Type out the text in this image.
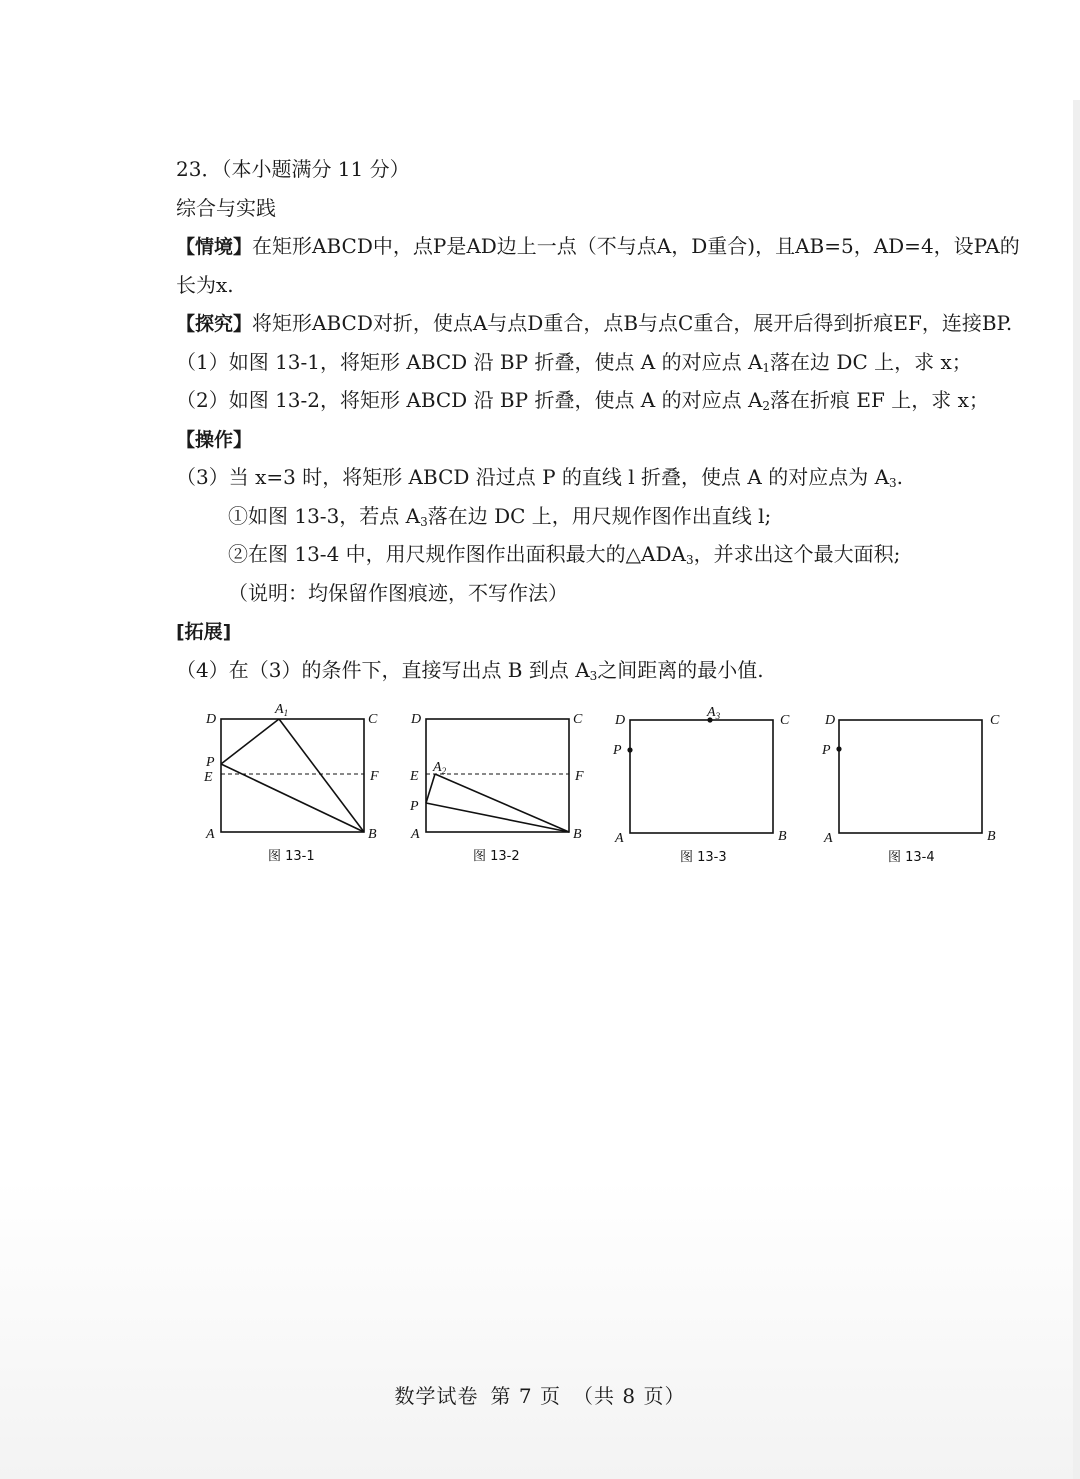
23．（本小题满分 11 分）
综合与实践
【情境】在矩形ABCD中，点P是AD边上一点（不与点A，D重合)，且AB=5，AD=4，设PA的
长为x.
【探究】将矩形ABCD对折，使点A与点D重合，点B与点C重合，展开后得到折痕EF，连接BP.
（1）如图 13-1，将矩形 ABCD 沿 BP 折叠，使点 A 的对应点 $A_1$落在边 DC 上，求 x；
（2）如图 13-2，将矩形 ABCD 沿 BP 折叠，使点 A 的对应点 $A_2$落在折痕 EF 上，求 x；
【操作】
（3）当 x=3 时，将矩形 ABCD 沿过点 P 的直线 l 折叠，使点 A 的对应点为 $A_3$.
①如图 13-3，若点 $A_3$落在边 DC 上，用尺规作图作出直线 l;
②在图 13-4 中，用尺规作图作出面积最大的$\triangle ADA_3$，并求出这个最大面积;
（说明：均保留作图痕迹，不写作法）
[拓展]
（4）在（3）的条件下，直接写出点 B 到点 $A_3$之间距离的最小值.
D	C
A	B
P
E	F
$A_1$
图 13-1
D	C
A	B
P
E	F
$A_2$
图 13-2
D	C
A	B
P
$A_3$
图 13-3
D	C
A	B
P
图 13-4
数学试卷 第 7 页 （共 8 页）
